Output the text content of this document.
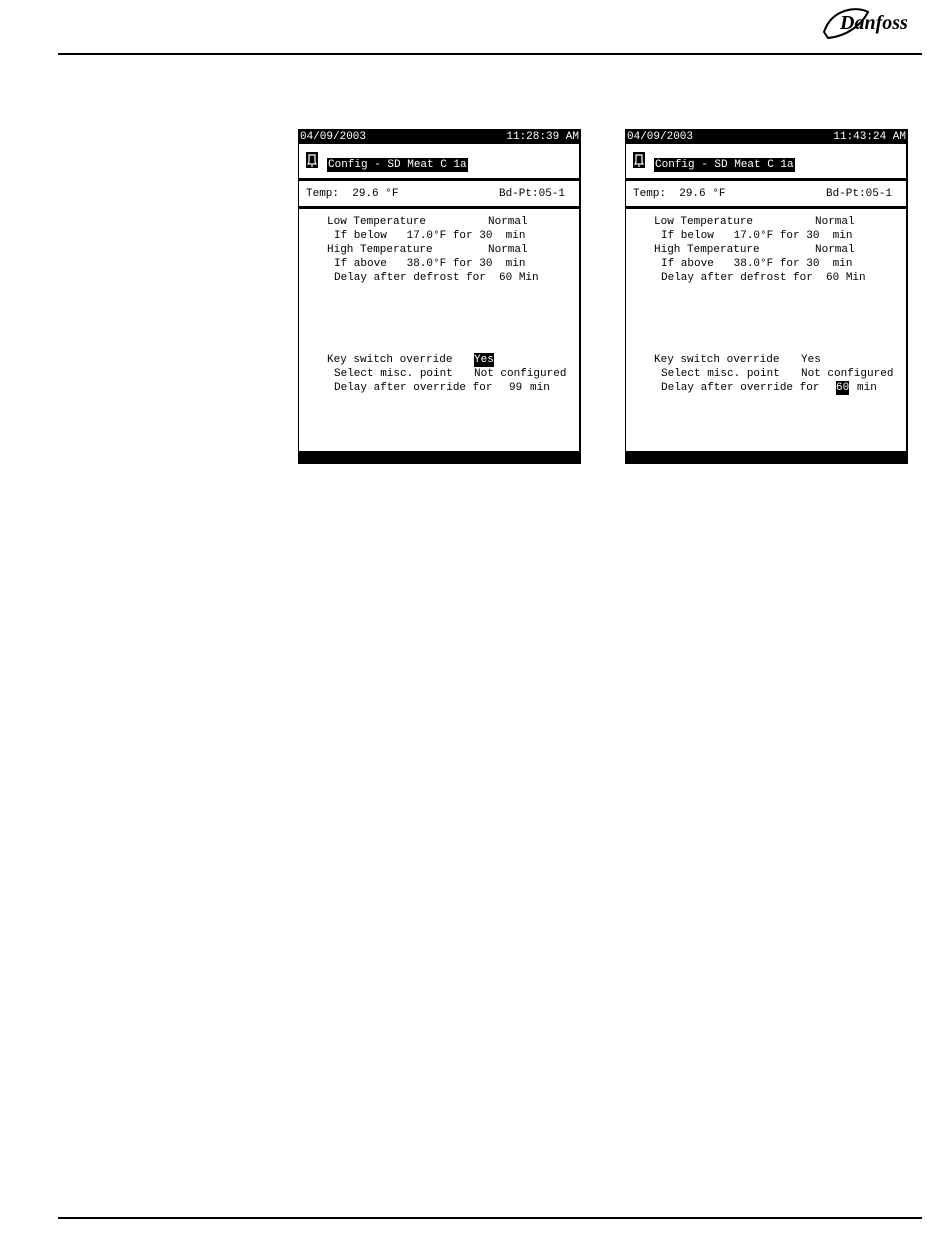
Danfoss
04/09/2003	11:28:39 AM
Config - SD Meat C 1a
Temp: 29.6 °F	Bd-Pt:05-1
Low Temperature	Normal
If below   17.0°F for 30  min
High Temperature	Normal
If above   38.0°F for 30  min
Delay after defrost for  60 Min
Key switch override Yes
Select misc. point Not configured
Delay after override for 99 min
04/09/2003	11:43:24 AM
Config - SD Meat C 1a
Temp: 29.6 °F	Bd-Pt:05-1
Low Temperature	Normal
If below   17.0°F for 30  min
High Temperature	Normal
If above   38.0°F for 30  min
Delay after defrost for  60 Min
Key switch override Yes
Select misc. point Not configured
Delay after override for 60 min
